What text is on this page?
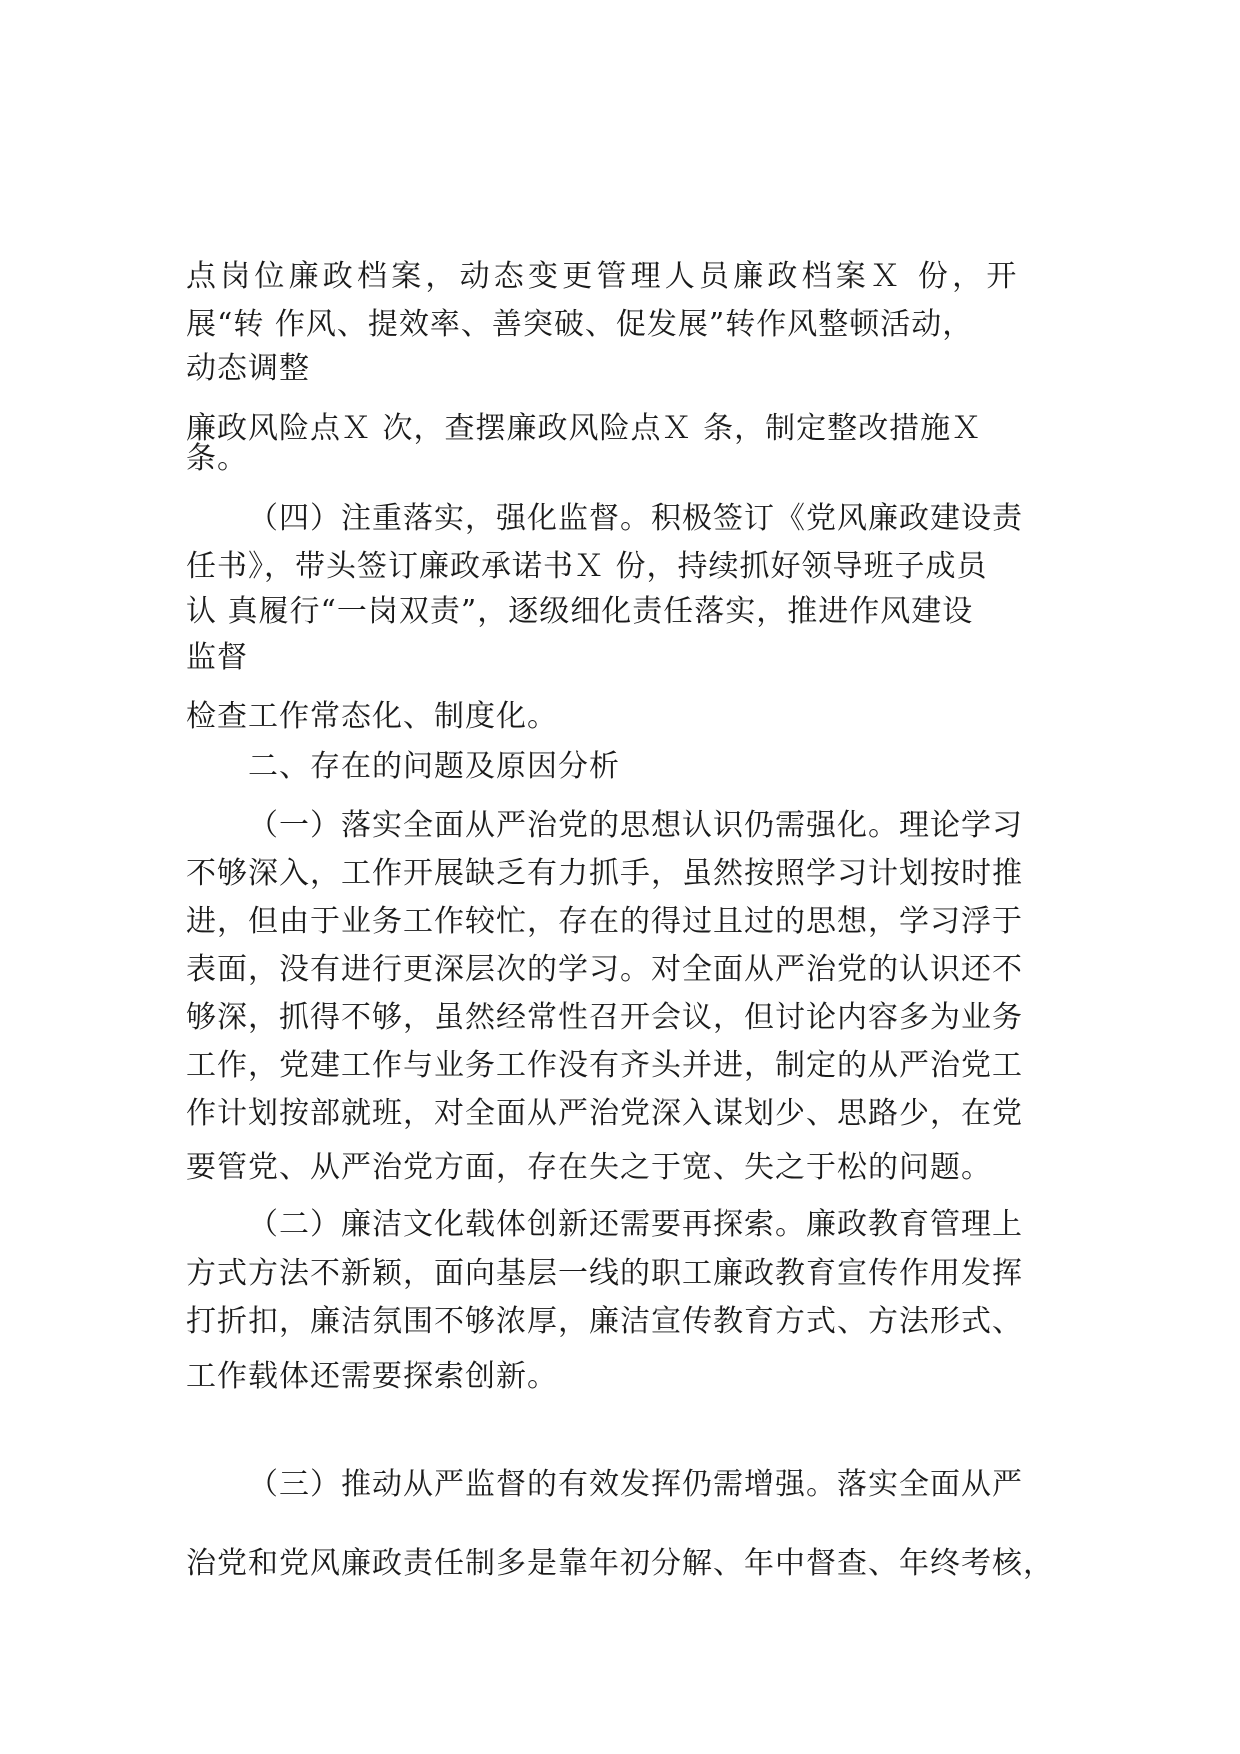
点岗位廉政档案，动态变更管理人员廉政档案Ｘ 份，开
展“转 作风、提效率、善突破、促发展”转作风整顿活动，
动态调整
廉政风险点Ｘ 次，查摆廉政风险点Ｘ 条，制定整改措施Ｘ
条。
（四）注重落实，强化监督。积极签订《党风廉政建设责
任书》，带头签订廉政承诺书Ｘ 份，持续抓好领导班子成员
认 真履行“一岗双责”，逐级细化责任落实，推进作风建设
监督
检查工作常态化、制度化。
二、存在的问题及原因分析
（一）落实全面从严治党的思想认识仍需强化。理论学习
不够深入，工作开展缺乏有力抓手，虽然按照学习计划按时推
进，但由于业务工作较忙，存在的得过且过的思想，学习浮于
表面，没有进行更深层次的学习。对全面从严治党的认识还不
够深，抓得不够，虽然经常性召开会议，但讨论内容多为业务
工作，党建工作与业务工作没有齐头并进，制定的从严治党工
作计划按部就班，对全面从严治党深入谋划少、思路少，在党
要管党、从严治党方面，存在失之于宽、失之于松的问题。
（二）廉洁文化载体创新还需要再探索。廉政教育管理上
方式方法不新颖，面向基层一线的职工廉政教育宣传作用发挥
打折扣，廉洁氛围不够浓厚，廉洁宣传教育方式、方法形式、
工作载体还需要探索创新。
（三）推动从严监督的有效发挥仍需增强。落实全面从严
治党和党风廉政责任制多是靠年初分解、年中督查、年终考核，
